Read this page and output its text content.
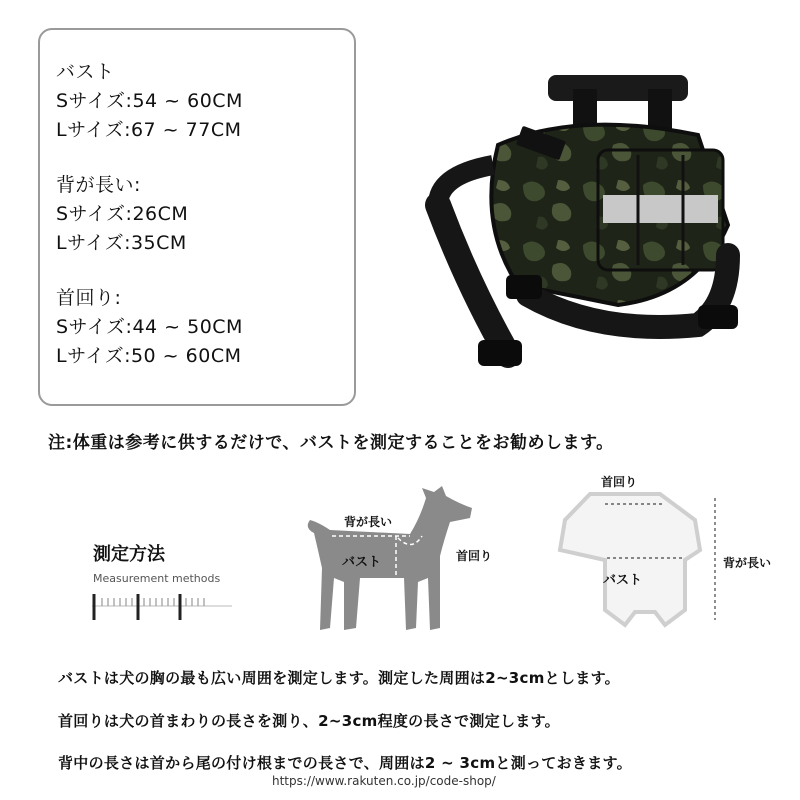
バスト
Sサイズ:54 ~ 60CM
Lサイズ:67 ~ 77CM
背が長い:
Sサイズ:26CM
Lサイズ:35CM
首回り:
Sサイズ:44 ~ 50CM
Lサイズ:50 ~ 60CM
注:体重は参考に供するだけで、バストを測定することをお勧めします。
測定方法
Measurement methods
背が長い
バスト	首回り
首回り
バスト
背が長い
バストは犬の胸の最も広い周囲を測定します。測定した周囲は2~3cmとします。
首回りは犬の首まわりの長さを測り、2~3cm程度の長さで測定します。
背中の長さは首から尾の付け根までの長さで、周囲は2 ~ 3cmと測っておきます。
https://www.rakuten.co.jp/code-shop/
